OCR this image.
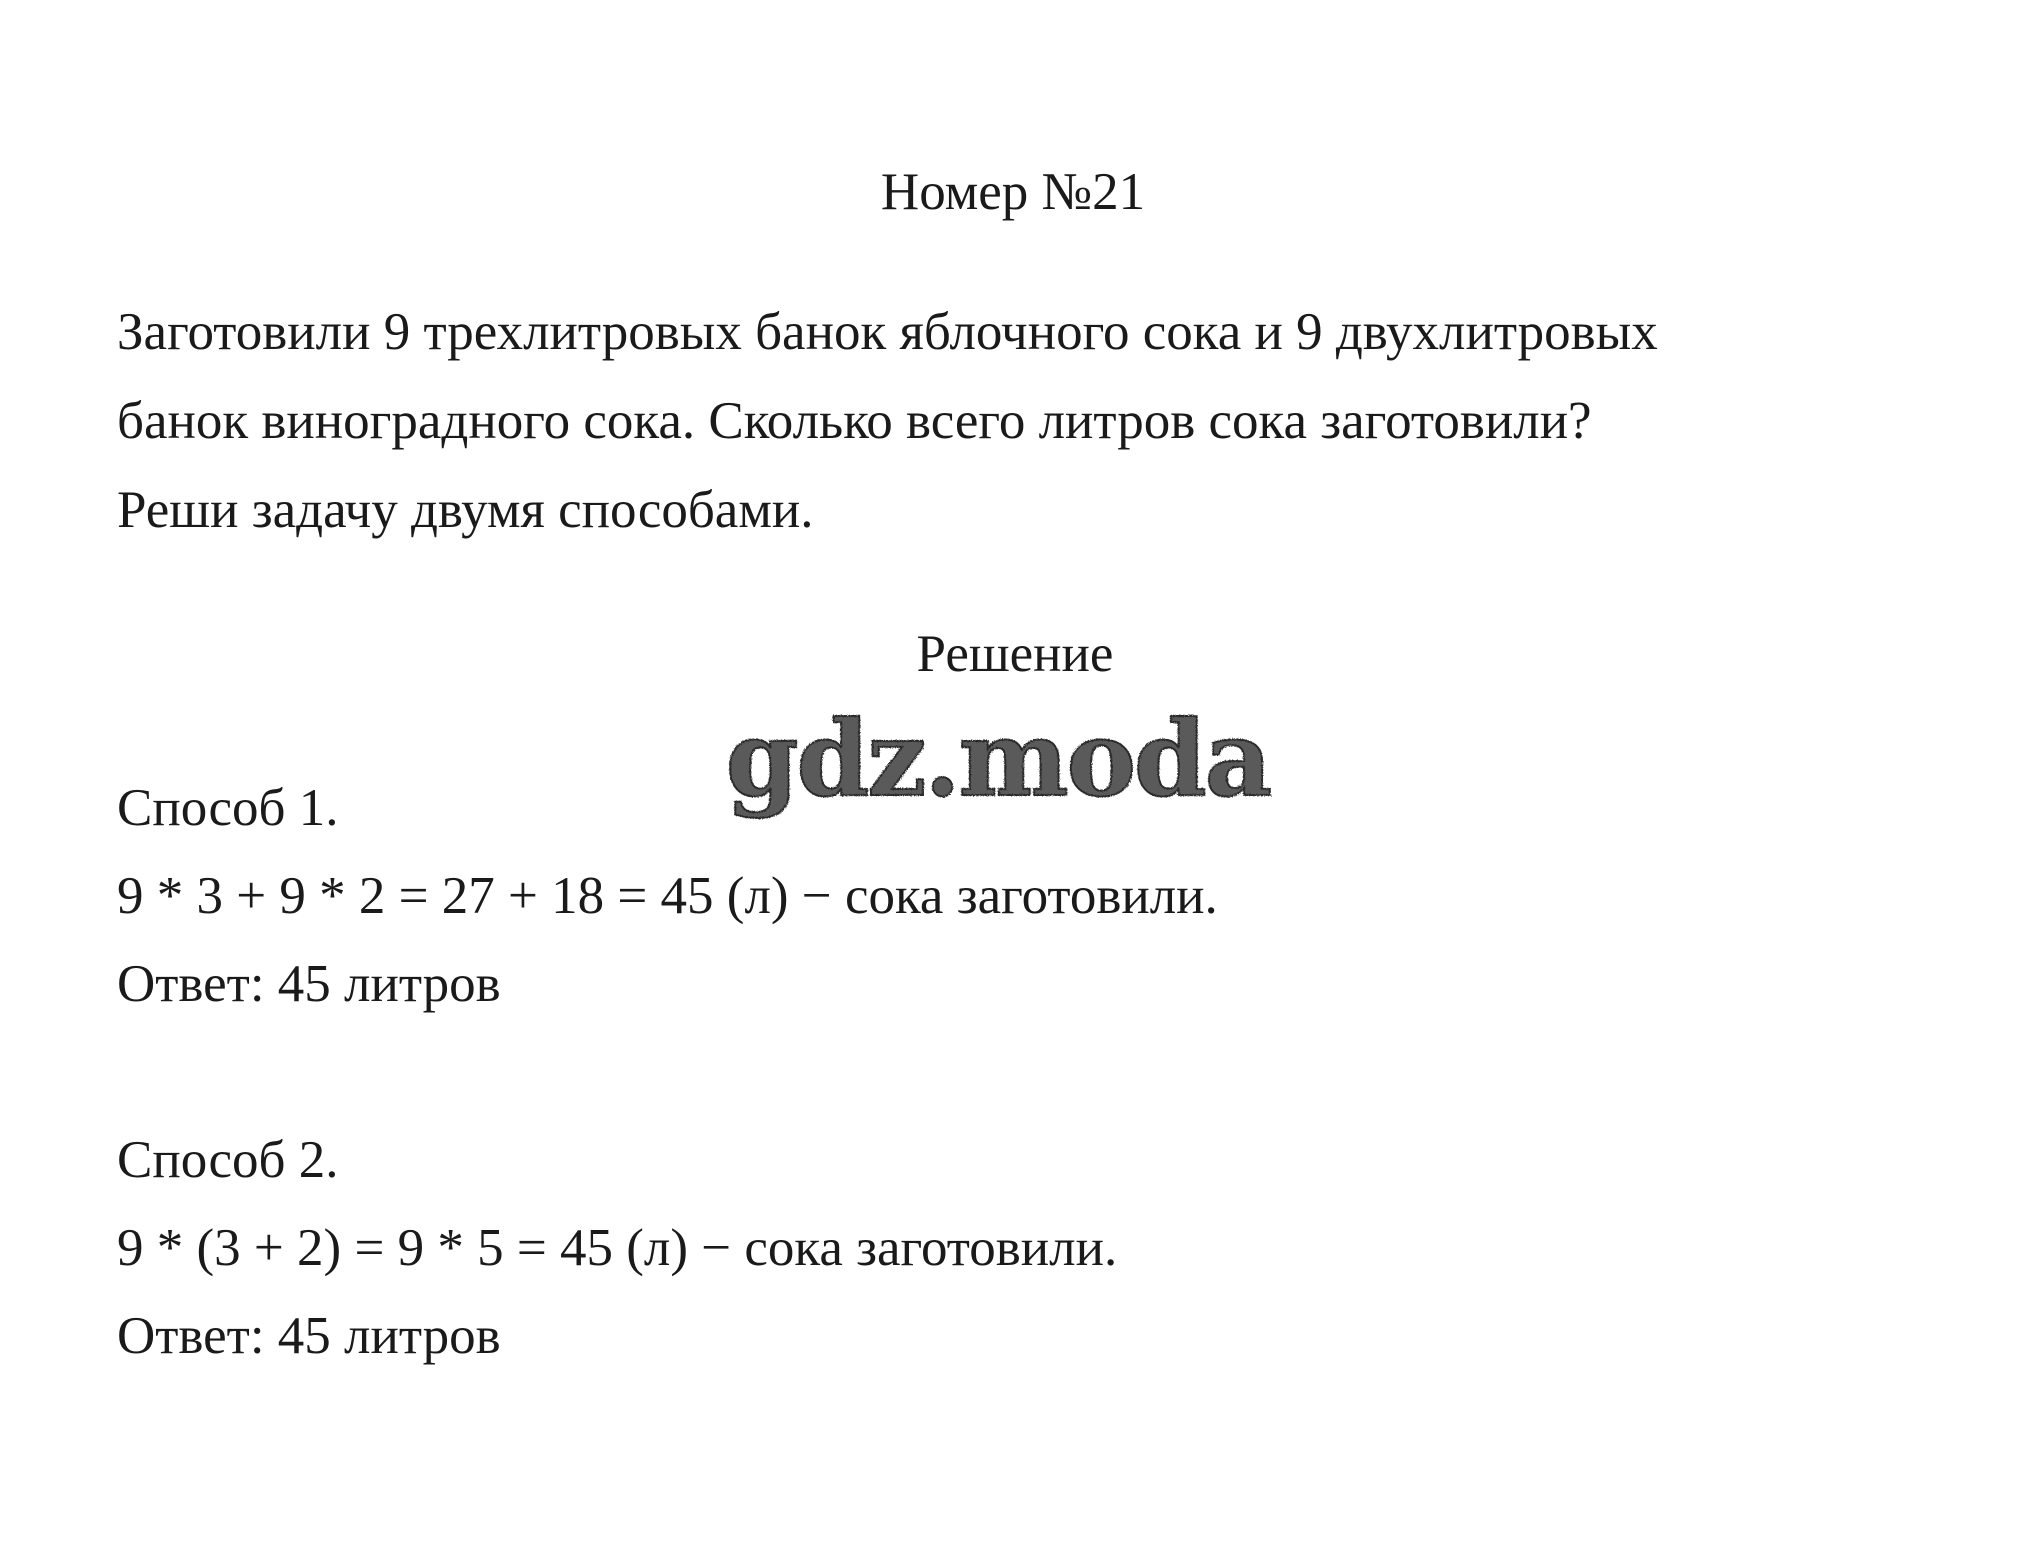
Номер №21

Заготовили 9 трехлитровых банок яблочного сока и 9 двухлитровых

банок виноградного сока. Сколько всего литров сока заготовили?

Реши задачу двумя способами.

Решение
gdz.moda

Способ 1.

9 * 3 + 9 * 2 = 27 + 18 = 45 (л) − сока заготовили.

Ответ: 45 литров

Способ 2.

9 * (3 + 2) = 9 * 5 = 45 (л) − сока заготовили.

Ответ: 45 литров
